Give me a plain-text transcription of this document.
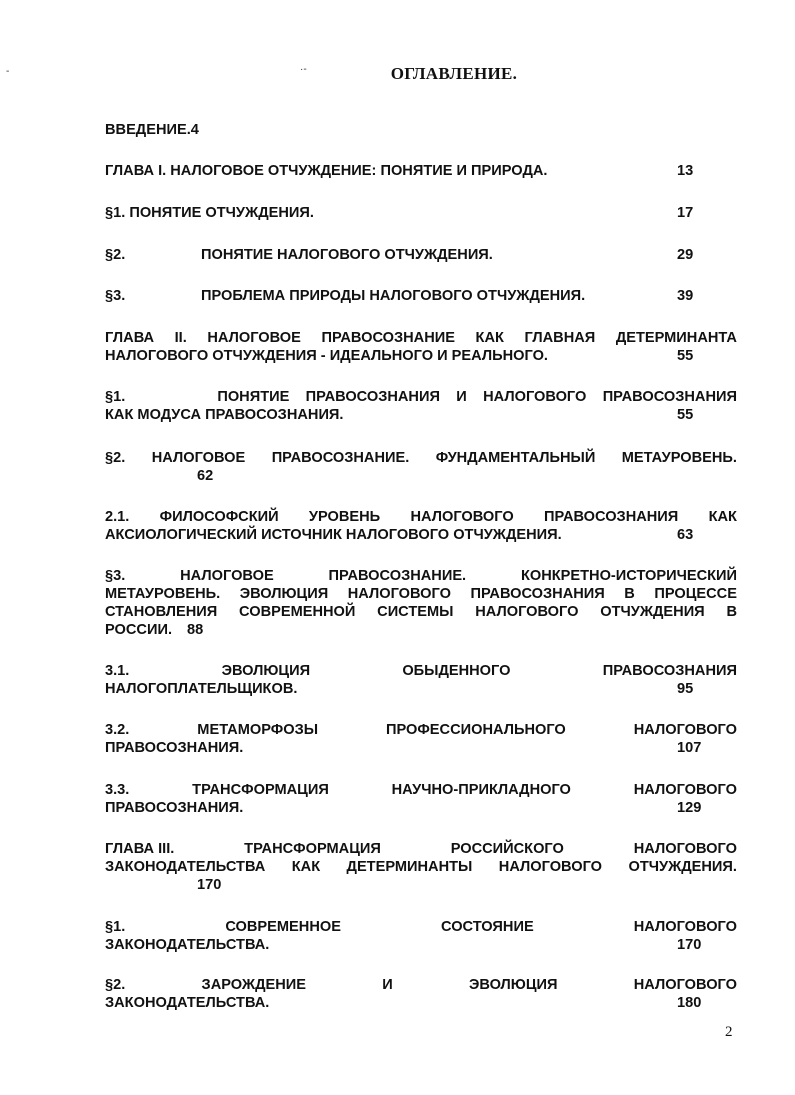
-	·-	ОГЛАВЛЕНИЕ.
ВВЕДЕНИЕ.4
ГЛАВА I. НАЛОГОВОЕ ОТЧУЖДЕНИЕ: ПОНЯТИЕ И ПРИРОДА.	13
§1. ПОНЯТИЕ ОТЧУЖДЕНИЯ.	17
§2.	ПОНЯТИЕ НАЛОГОВОГО ОТЧУЖДЕНИЯ.	29
§3.	ПРОБЛЕМА ПРИРОДЫ НАЛОГОВОГО ОТЧУЖДЕНИЯ.	39
ГЛАВА II. НАЛОГОВОЕ ПРАВОСОЗНАНИЕ КАК ГЛАВНАЯ ДЕТЕРМИНАНТА
НАЛОГОВОГО ОТЧУЖДЕНИЯ - ИДЕАЛЬНОГО И РЕАЛЬНОГО.	55
§1.	ПОНЯТИЕ ПРАВОСОЗНАНИЯ И НАЛОГОВОГО ПРАВОСОЗНАНИЯ
КАК МОДУСА ПРАВОСОЗНАНИЯ.	55
§2. НАЛОГОВОЕ ПРАВОСОЗНАНИЕ. ФУНДАМЕНТАЛЬНЫЙ МЕТАУРОВЕНЬ.
62
2.1. ФИЛОСОФСКИЙ УРОВЕНЬ НАЛОГОВОГО ПРАВОСОЗНАНИЯ КАК
АКСИОЛОГИЧЕСКИЙ ИСТОЧНИК НАЛОГОВОГО ОТЧУЖДЕНИЯ.	63
§3.	НАЛОГОВОЕ	ПРАВОСОЗНАНИЕ.	КОНКРЕТНО-ИСТОРИЧЕСКИЙ
МЕТАУРОВЕНЬ. ЭВОЛЮЦИЯ НАЛОГОВОГО ПРАВОСОЗНАНИЯ В ПРОЦЕССЕ
СТАНОВЛЕНИЯ СОВРЕМЕННОЙ СИСТЕМЫ НАЛОГОВОГО ОТЧУЖДЕНИЯ В
РОССИИ.	88
3.1.	ЭВОЛЮЦИЯ	ОБЫДЕННОГО	ПРАВОСОЗНАНИЯ
НАЛОГОПЛАТЕЛЬЩИКОВ.	95
3.2.	МЕТАМОРФОЗЫ	ПРОФЕССИОНАЛЬНОГО	НАЛОГОВОГО
ПРАВОСОЗНАНИЯ.	107
3.3.	ТРАНСФОРМАЦИЯ	НАУЧНО-ПРИКЛАДНОГО	НАЛОГОВОГО
ПРАВОСОЗНАНИЯ.	129
ГЛАВА III.	ТРАНСФОРМАЦИЯ	РОССИЙСКОГО	НАЛОГОВОГО
ЗАКОНОДАТЕЛЬСТВА КАК ДЕТЕРМИНАНТЫ НАЛОГОВОГО ОТЧУЖДЕНИЯ.
170
§1.	СОВРЕМЕННОЕ	СОСТОЯНИЕ	НАЛОГОВОГО
ЗАКОНОДАТЕЛЬСТВА.	170
§2.	ЗАРОЖДЕНИЕ	И	ЭВОЛЮЦИЯ	НАЛОГОВОГО
ЗАКОНОДАТЕЛЬСТВА.	180
2
